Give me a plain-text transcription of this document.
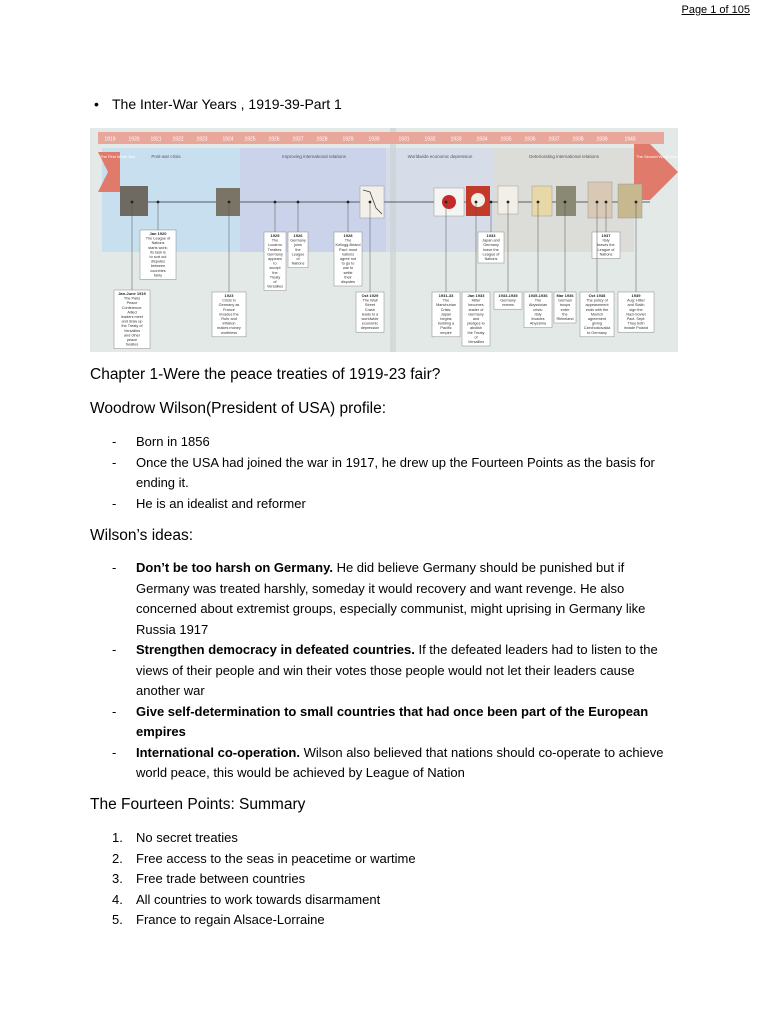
Page 1 of 105
• The Inter-War Years , 1919-39-Part 1
1919	1920 1921 1922	1923	1924 1925	1926	1927	1928	1929	1930	1931	1932	1933	1934	1935	1936	1937	1938	1939	1940
The First World War	The Second World War
Post-war crisis	Improving international relations	Worldwide economic depression	Deteriorating international relations
Jan 1920
The League of
Nations
starts work;
its task is
to sort out
disputes
between
countries
fairly
1925
The
Locarno
Treaties.
Germany
appears
to
accept
the
Treaty
of
Versailles
1926
Germany
joins
the
League
of
Nations
1928
The
Kellogg-Briand
Pact: most
nations
agree not
to go to
war to
settle
their
disputes
1933
Japan and
Germany
leave the
League of
Nations
1937
Italy
leaves the
League of
Nations
Jan-June 1919
The Paris
Peace
Conference:
Allied
leaders meet
and draw up
the Treaty of
Versailles
and other
peace
treaties
1923
Crisis in
Germany as
France
invades the
Ruhr and
inflation
makes money
worthless
Oct 1929
The Wall
Street
Crash
leads to a
worldwide
economic
depression
1931-33
The
Manchurian
Crisis:
Japan
begins
building a
Pacific
empire
Jan 1933
Hitler
becomes
leader of
Germany
and
pledges to
abolish
the Treaty
of
Versailles
1933-1935
Germany
rearms
1935-1936
The
Abyssinian
crisis:
Italy
invades
Abyssinia
Mar 1936
German
troops
enter
the
Rhineland
Oct 1938
The policy of
appeasement
ends with the
Munich
agreement
giving
Czechoslovakia
to Germany
1939
Aug: Hitler
and Stalin
sign the
Nazi-Soviet
Pact. Sept:
They both
invade Poland
Chapter 1-Were the peace treaties of 1919-23 fair?
Woodrow Wilson(President of USA) profile:
- Born in 1856
- Once the USA had joined the war in 1917, he drew up the Fourteen Points as the basis for ending it.
- He is an idealist and reformer
Wilson’s ideas:
- Don’t be too harsh on Germany. He did believe Germany should be punished but if Germany was treated harshly, someday it would recovery and want revenge. He also concerned about extremist groups, especially communist, might uprising in Germany like Russia 1917
- Strengthen democracy in defeated countries. If the defeated leaders had to listen to the views of their people and win their votes those people would not let their leaders cause another war
- Give self-determination to small countries that had once been part of the European empires
- International co-operation. Wilson also believed that nations should co-operate to achieve world peace, this would be achieved by League of Nation
The Fourteen Points: Summary
1. No secret treaties
2. Free access to the seas in peacetime or wartime
3. Free trade between countries
4. All countries to work towards disarmament
5. France to regain Alsace-Lorraine
